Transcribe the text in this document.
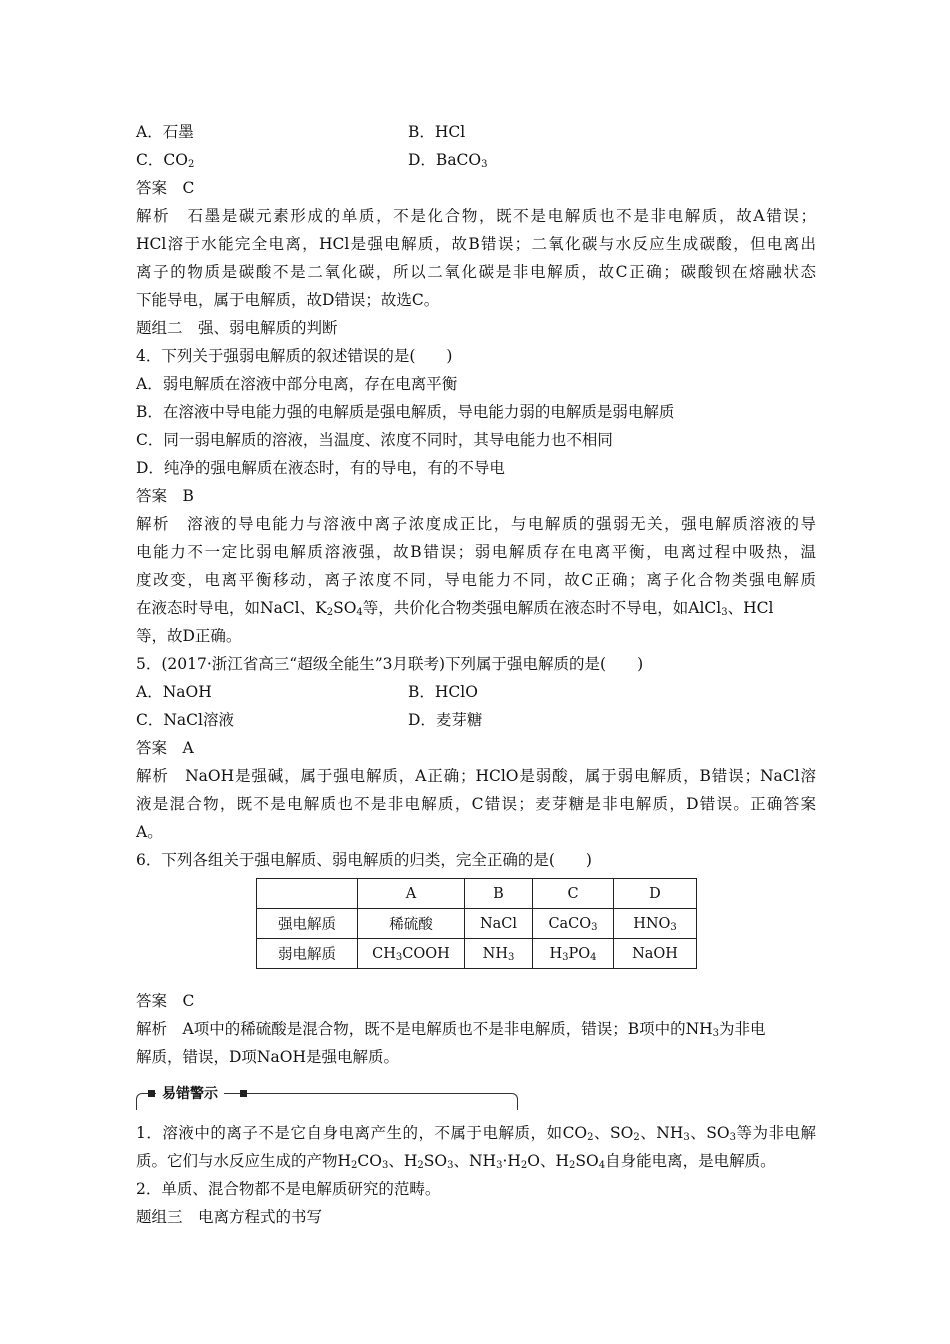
A．石墨	B．HCl
C．$CO_2$	D．BaCO$_3$
答案　C
解析　石墨是碳元素形成的单质，不是化合物，既不是电解质也不是非电解质，故A错误；
HCl溶于水能完全电离，HCl是强电解质，故B错误；二氧化碳与水反应生成碳酸，但电离出
离子的物质是碳酸不是二氧化碳，所以二氧化碳是非电解质，故C正确；碳酸钡在熔融状态
下能导电，属于电解质，故D错误；故选C。
题组二　强、弱电解质的判断
4．下列关于强弱电解质的叙述错误的是(　　)
A．弱电解质在溶液中部分电离，存在电离平衡
B．在溶液中导电能力强的电解质是强电解质，导电能力弱的电解质是弱电解质
C．同一弱电解质的溶液，当温度、浓度不同时，其导电能力也不相同
D．纯净的强电解质在液态时，有的导电，有的不导电
答案　B
解析　溶液的导电能力与溶液中离子浓度成正比，与电解质的强弱无关，强电解质溶液的导
电能力不一定比弱电解质溶液强，故B错误；弱电解质存在电离平衡，电离过程中吸热，温
度改变，电离平衡移动，离子浓度不同，导电能力不同，故C正确；离子化合物类强电解质
在液态时导电，如NaCl、$K_2SO_4$等，共价化合物类强电解质在液态时不导电，如AlCl$_3$、HCl
等，故D正确。
5．(2017·浙江省高三“超级全能生”3月联考)下列属于强电解质的是(　　)
A．NaOH	B．HClO
C．NaCl溶液	D．麦芽糖
答案　A
解析　NaOH是强碱，属于强电解质，A正确；HClO是弱酸，属于弱电解质，B错误；NaCl溶
液是混合物，既不是电解质也不是非电解质，C错误；麦芽糖是非电解质，D错误。正确答案
A。
6．下列各组关于强电解质、弱电解质的归类，完全正确的是(　　)
	A	B	C	D
强电解质	稀硫酸	NaCl	CaCO$_3$	$HNO_3$
弱电解质	$CH_3COOH$	$NH_3$	$H_3PO_4$	NaOH
答案　C
解析　A项中的稀硫酸是混合物，既不是电解质也不是非电解质，错误；B项中的$NH_3$为非电
解质，错误，D项NaOH是强电解质。
易错警示
1．溶液中的离子不是它自身电离产生的，不属于电解质，如$CO_2$、$SO_2$、$NH_3$、$SO_3$等为非电解
质。它们与水反应生成的产物$H_2CO_3$、$H_2SO_3$、$NH_3\cdot H_2O$、$H_2SO_4$自身能电离，是电解质。
2．单质、混合物都不是电解质研究的范畴。
题组三　电离方程式的书写
